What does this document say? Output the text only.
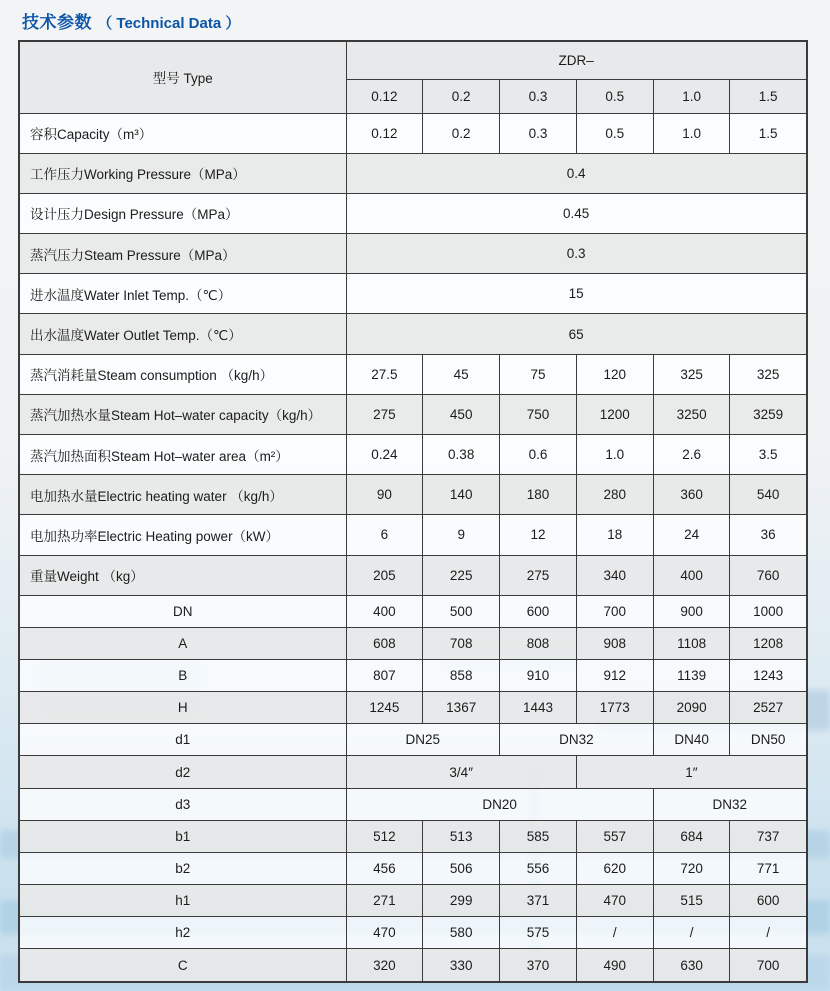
技术参数 （ Technical Data ）
型号 Type	ZDR–					
	0.12	0.2	0.3	0.5	1.0	1.5
容积Capacity（m³）	0.12	0.2	0.3	0.5	1.0	1.5
工作压力Working Pressure（MPa）	0.4					
设计压力Design Pressure（MPa）	0.45					
蒸汽压力Steam Pressure（MPa）	0.3					
进水温度Water Inlet Temp.（℃）	15					
出水温度Water Outlet Temp.（℃）	65					
蒸汽消耗量Steam consumption （kg/h）	27.5	45	75	120	325	325
蒸汽加热水量Steam Hot–water capacity（kg/h）	275	450	750	1200	3250	3259
蒸汽加热面积Steam Hot–water area（m²）	0.24	0.38	0.6	1.0	2.6	3.5
电加热水量Electric heating water （kg/h）	90	140	180	280	360	540
电加热功率Electric Heating power（kW）	6	9	12	18	24	36
重量Weight （kg）	205	225	275	340	400	760
DN	400	500	600	700	900	1000
A	608	708	808	908	1108	1208
B	807	858	910	912	1139	1243
H	1245	1367	1443	1773	2090	2527
d1	DN25		DN32		DN40	DN50
d2	3/4″			1″		
d3	DN20				DN32	
b1	512	513	585	557	684	737
b2	456	506	556	620	720	771
h1	271	299	371	470	515	600
h2	470	580	575	/	/	/
C	320	330	370	490	630	700
